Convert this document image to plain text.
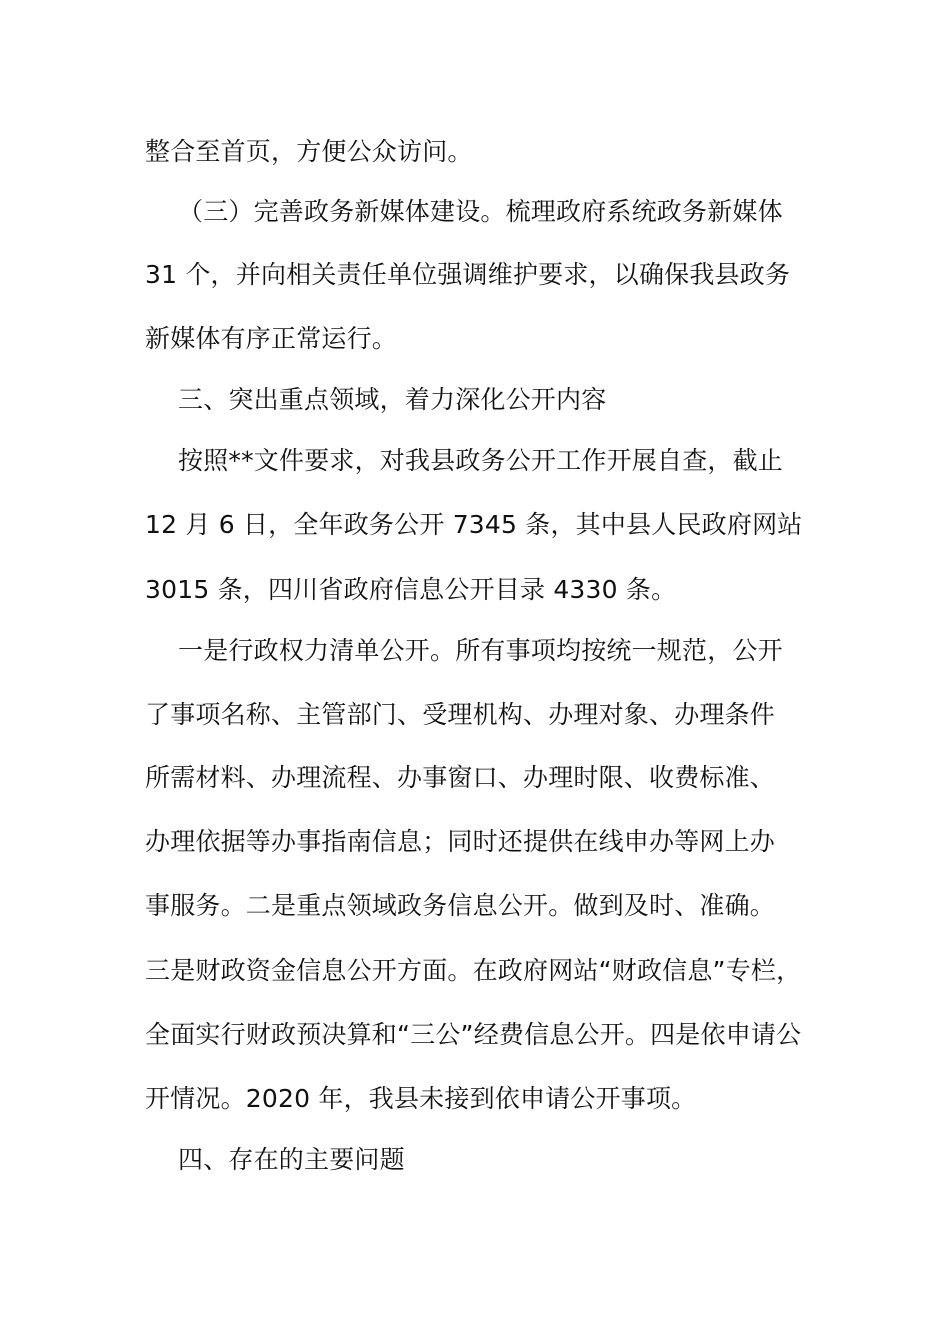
整合至首页，方便公众访问。
（三）完善政务新媒体建设。梳理政府系统政务新媒体
31 个，并向相关责任单位强调维护要求，以确保我县政务
新媒体有序正常运行。
三、突出重点领域，着力深化公开内容
按照**文件要求，对我县政务公开工作开展自查，截止
12 月 6 日，全年政务公开 7345 条，其中县人民政府网站
3015 条，四川省政府信息公开目录 4330 条。
一是行政权力清单公开。所有事项均按统一规范，公开
了事项名称、主管部门、受理机构、办理对象、办理条件
所需材料、办理流程、办事窗口、办理时限、收费标准、
办理依据等办事指南信息；同时还提供在线申办等网上办
事服务。二是重点领域政务信息公开。做到及时、准确。
三是财政资金信息公开方面。在政府网站“财政信息”专栏，
全面实行财政预决算和“三公”经费信息公开。四是依申请公
开情况。2020 年，我县未接到依申请公开事项。
四、存在的主要问题
